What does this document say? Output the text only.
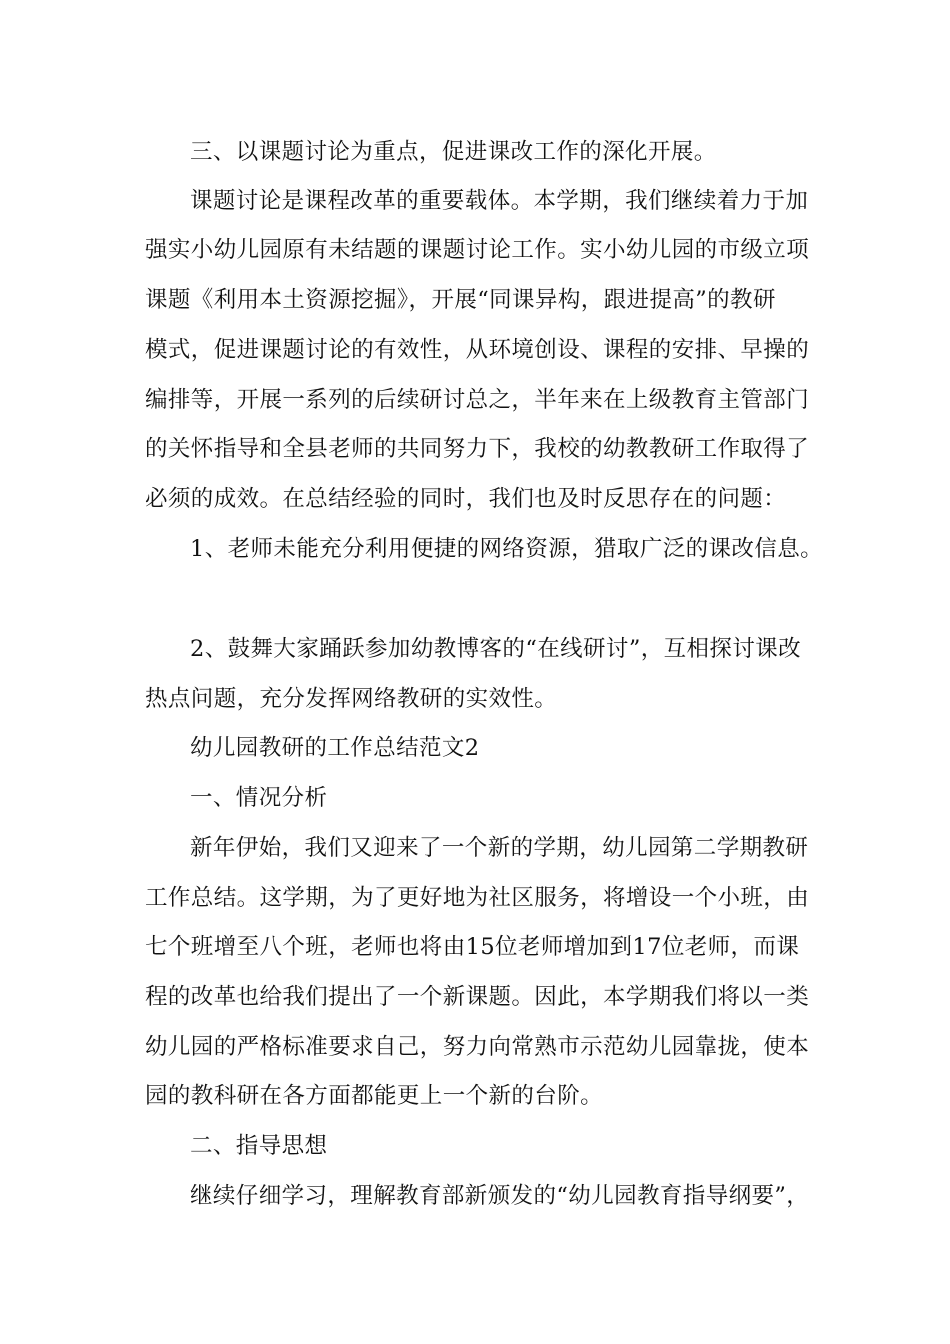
三、以课题讨论为重点，促进课改工作的深化开展。
课题讨论是课程改革的重要载体。本学期，我们继续着力于加
强实小幼儿园原有未结题的课题讨论工作。实小幼儿园的市级立项
课题《利用本土资源挖掘》，开展“同课异构，跟进提高”的教研
模式，促进课题讨论的有效性，从环境创设、课程的安排、早操的
编排等，开展一系列的后续研讨总之，半年来在上级教育主管部门
的关怀指导和全县老师的共同努力下，我校的幼教教研工作取得了
必须的成效。在总结经验的同时，我们也及时反思存在的问题：
1、老师未能充分利用便捷的网络资源，猎取广泛的课改信息。
2、鼓舞大家踊跃参加幼教博客的“在线研讨”，互相探讨课改
热点问题，充分发挥网络教研的实效性。
幼儿园教研的工作总结范文2
一、情况分析
新年伊始，我们又迎来了一个新的学期，幼儿园第二学期教研
工作总结。这学期，为了更好地为社区服务，将增设一个小班，由
七个班增至八个班，老师也将由15位老师增加到17位老师，而课
程的改革也给我们提出了一个新课题。因此，本学期我们将以一类
幼儿园的严格标准要求自己，努力向常熟市示范幼儿园靠拢，使本
园的教科研在各方面都能更上一个新的台阶。
二、指导思想
继续仔细学习，理解教育部新颁发的“幼儿园教育指导纲要”，
